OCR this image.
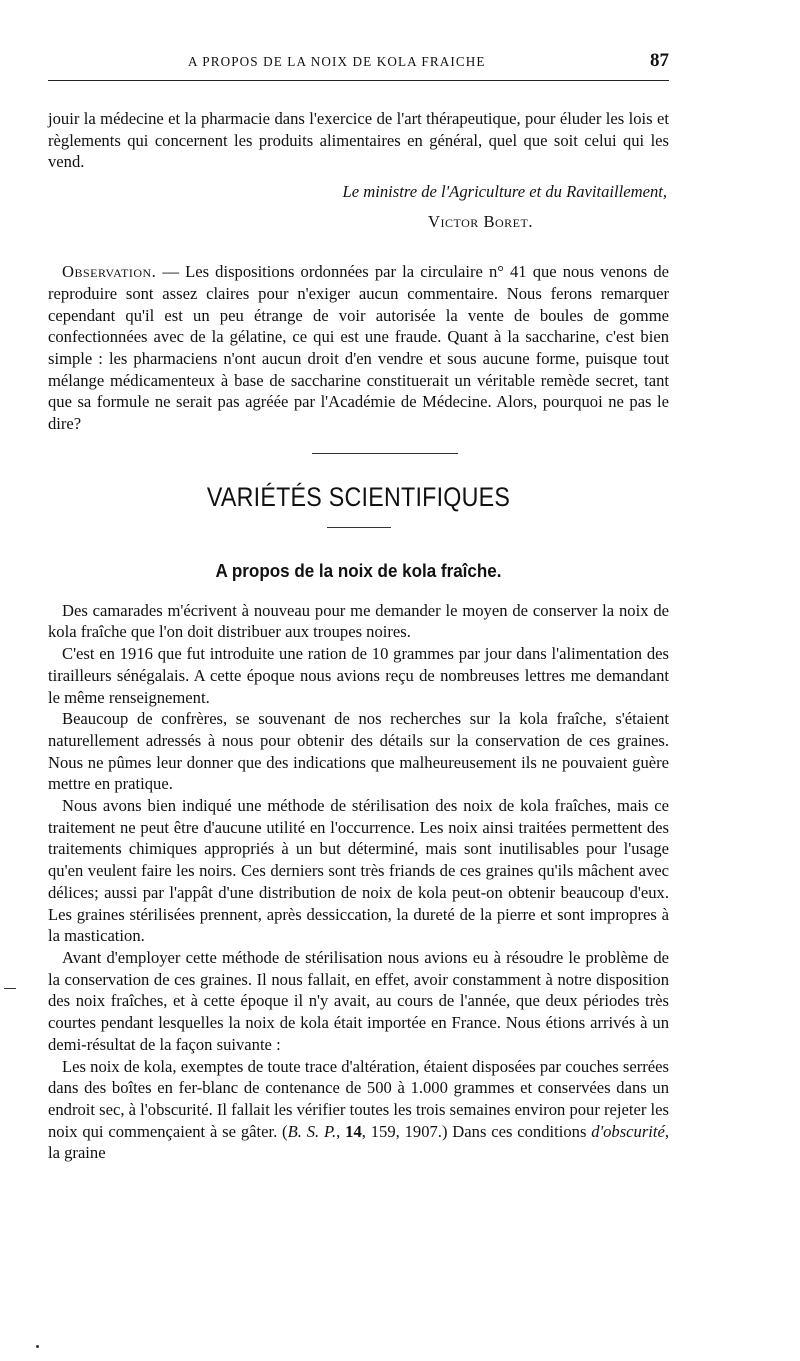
A PROPOS DE LA NOIX DE KOLA FRAICHE	87

jouir la médecine et la pharmacie dans l'exercice de l'art thérapeutique, pour éluder les lois et règlements qui concernent les produits alimentaires en général, quel que soit celui qui les vend.

Le ministre de l'Agriculture et du Ravitaillement,
Victor Boret.

Observation. — Les dispositions ordonnées par la circulaire n° 41 que nous venons de reproduire sont assez claires pour n'exiger aucun commentaire. Nous ferons remarquer cependant qu'il est un peu étrange de voir autorisée la vente de boules de gomme confectionnées avec de la gélatine, ce qui est une fraude. Quant à la saccharine, c'est bien simple : les pharmaciens n'ont aucun droit d'en vendre et sous aucune forme, puisque tout mélange médicamenteux à base de saccharine constituerait un véritable remède secret, tant que sa formule ne serait pas agréée par l'Académie de Médecine. Alors, pourquoi ne pas le dire?

VARIÉTÉS SCIENTIFIQUES
A propos de la noix de kola fraîche.

Des camarades m'écrivent à nouveau pour me demander le moyen de conserver la noix de kola fraîche que l'on doit distribuer aux troupes noires.

C'est en 1916 que fut introduite une ration de 10 grammes par jour dans l'alimentation des tirailleurs sénégalais. A cette époque nous avions reçu de nombreuses lettres me demandant le même renseignement.

Beaucoup de confrères, se souvenant de nos recherches sur la kola fraîche, s'étaient naturellement adressés à nous pour obtenir des détails sur la conservation de ces graines. Nous ne pûmes leur donner que des indications que malheureusement ils ne pouvaient guère mettre en pratique.

Nous avons bien indiqué une méthode de stérilisation des noix de kola fraîches, mais ce traitement ne peut être d'aucune utilité en l'occurrence. Les noix ainsi traitées permettent des traitements chimiques appropriés à un but déterminé, mais sont inutilisables pour l'usage qu'en veulent faire les noirs. Ces derniers sont très friands de ces graines qu'ils mâchent avec délices; aussi par l'appât d'une distribution de noix de kola peut-on obtenir beaucoup d'eux. Les graines stérilisées prennent, après dessiccation, la dureté de la pierre et sont impropres à la mastication.

Avant d'employer cette méthode de stérilisation nous avions eu à résoudre le problème de la conservation de ces graines. Il nous fallait, en effet, avoir constamment à notre disposition des noix fraîches, et à cette époque il n'y avait, au cours de l'année, que deux périodes très courtes pendant lesquelles la noix de kola était importée en France. Nous étions arrivés à un demi-résultat de la façon suivante :

Les noix de kola, exemptes de toute trace d'altération, étaient disposées par couches serrées dans des boîtes en fer-blanc de contenance de 500 à 1.000 grammes et conservées dans un endroit sec, à l'obscurité. Il fallait les vérifier toutes les trois semaines environ pour rejeter les noix qui commençaient à se gâter. (B. S. P., 14, 159, 1907.) Dans ces conditions d'obscurité, la graine
